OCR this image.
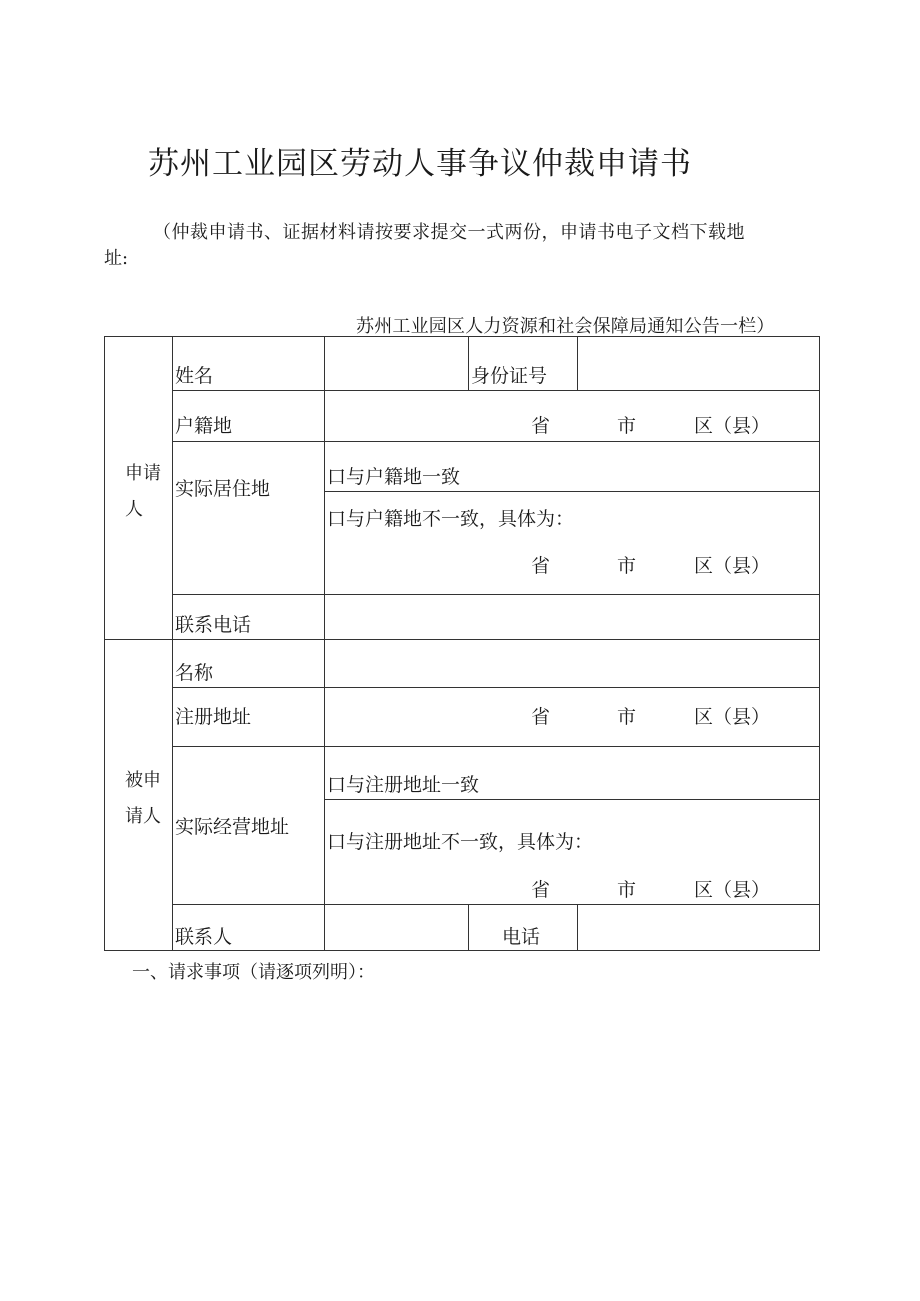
苏州工业园区劳动人事争议仲裁申请书
（仲裁申请书、证据材料请按要求提交一式两份，申请书电子文档下载地
址:
苏州工业园区人力资源和社会保障局通知公告一栏）
申请
人
姓名	身份证号
户籍地	省	市	区（县）
实际居住地
口与户籍地一致
口与户籍地不一致，具体为：
省	市	区（县）
联系电话
被申
请人
名称
注册地址	省	市	区（县）
实际经营地址
口与注册地址一致
口与注册地址不一致，具体为：
省	市	区（县）
联系人	电话
一、请求事项（请逐项列明）：
